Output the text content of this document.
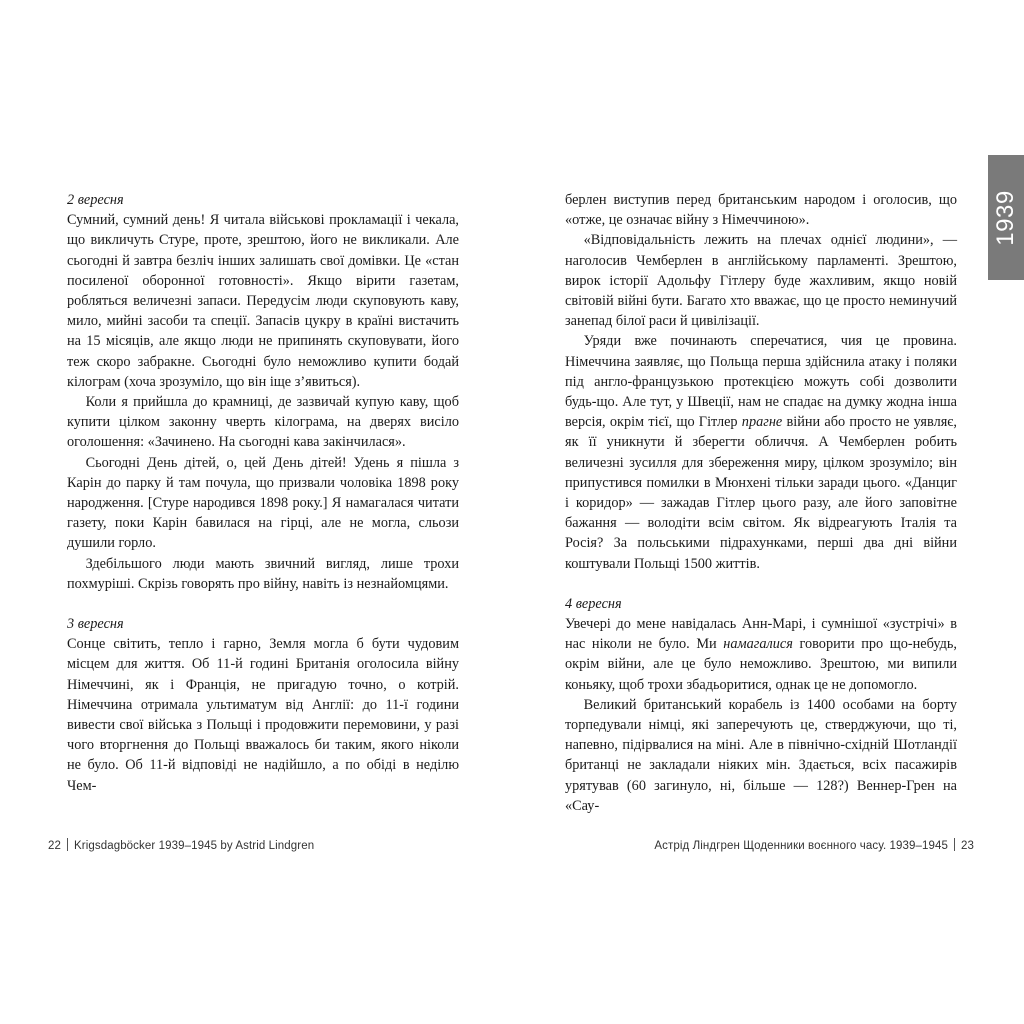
2 вересня

Сумний, сумний день! Я читала військові прокламації і чекала, що викличуть Стуре, проте, зрештою, його не викликали. Але сьогодні й завтра безліч інших залишать свої домівки. Це «стан посиленої оборонної готовності». Якщо вірити газетам, робляться величезні запаси. Передусім люди скуповують каву, мило, мийні засоби та спеції. Запасів цукру в країні вистачить на 15 місяців, але якщо люди не припинять скуповувати, його теж скоро забракне. Сьогодні було неможливо купити бодай кілограм (хоча зрозуміло, що він іще з’явиться).

Коли я прийшла до крамниці, де зазвичай купую каву, щоб купити цілком законну чверть кілограма, на дверях висіло оголошення: «Зачинено. На сьогодні кава закінчилася».

Сьогодні День дітей, о, цей День дітей! Удень я пішла з Карін до парку й там почула, що призвали чоловіка 1898 року народження. [Стуре народився 1898 року.] Я намагалася читати газету, поки Карін бавилася на гірці, але не могла, сльози душили горло.

Здебільшого люди мають звичний вигляд, лише трохи похмуріші. Скрізь говорять про війну, навіть із незнайомцями.

3 вересня

Сонце світить, тепло і гарно, Земля могла б бути чудовим місцем для життя. Об 11-й годині Британія оголосила війну Німеччині, як і Франція, не пригадую точно, о котрій. Німеччина отримала ультиматум від Англії: до 11-ї години вивести свої війська з Польщі і продовжити перемовини, у разі чого вторгнення до Польщі вважалось би таким, якого ніколи не було. Об 11-й відповіді не надійшло, а по обіді в неділю Чем-

берлен виступив перед британським народом і оголосив, що «отже, це означає війну з Німеччиною».

«Відповідальність лежить на плечах однієї людини», — наголосив Чемберлен в англійському парламенті. Зрештою, вирок історії Адольфу Гітлеру буде жахливим, якщо новій світовій війні бути. Багато хто вважає, що це просто неминучий занепад білої раси й цивілізації.

Уряди вже починають сперечатися, чия це провина. Німеччина заявляє, що Польща перша здійснила атаку і поляки під англо-французькою протекцією можуть собі дозволити будь-що. Але тут, у Швеції, нам не спадає на думку жодна інша версія, окрім тієї, що Гітлер прагне війни або просто не уявляє, як її уникнути й зберегти обличчя. А Чемберлен робить величезні зусилля для збереження миру, цілком зрозуміло; він припустився помилки в Мюнхені тільки заради цього. «Данциг і коридор» — зажадав Гітлер цього разу, але його заповітне бажання — володіти всім світом. Як відреагують Італія та Росія? За польськими підрахунками, перші два дні війни коштували Польщі 1500 життів.

4 вересня

Увечері до мене навідалась Анн-Марі, і сумнішої «зустрічі» в нас ніколи не було. Ми намагалися говорити про що-небудь, окрім війни, але це було неможливо. Зрештою, ми випили коньяку, щоб трохи збадьоритися, однак це не допомогло.

Великий британський корабель із 1400 особами на борту торпедували німці, які заперечують це, стверджуючи, що ті, напевно, підірвалися на міні. Але в північно-східній Шотландії британці не закладали ніяких мін. Здається, всіх пасажирів урятував (60 загинуло, ні, більше — 128?) Веннер-Грен на «Сау-

22 Krigsdagböcker 1939–1945 by Astrid Lindgren	Астрід Ліндгрен Щоденники воєнного часу. 1939–1945 23
1939
